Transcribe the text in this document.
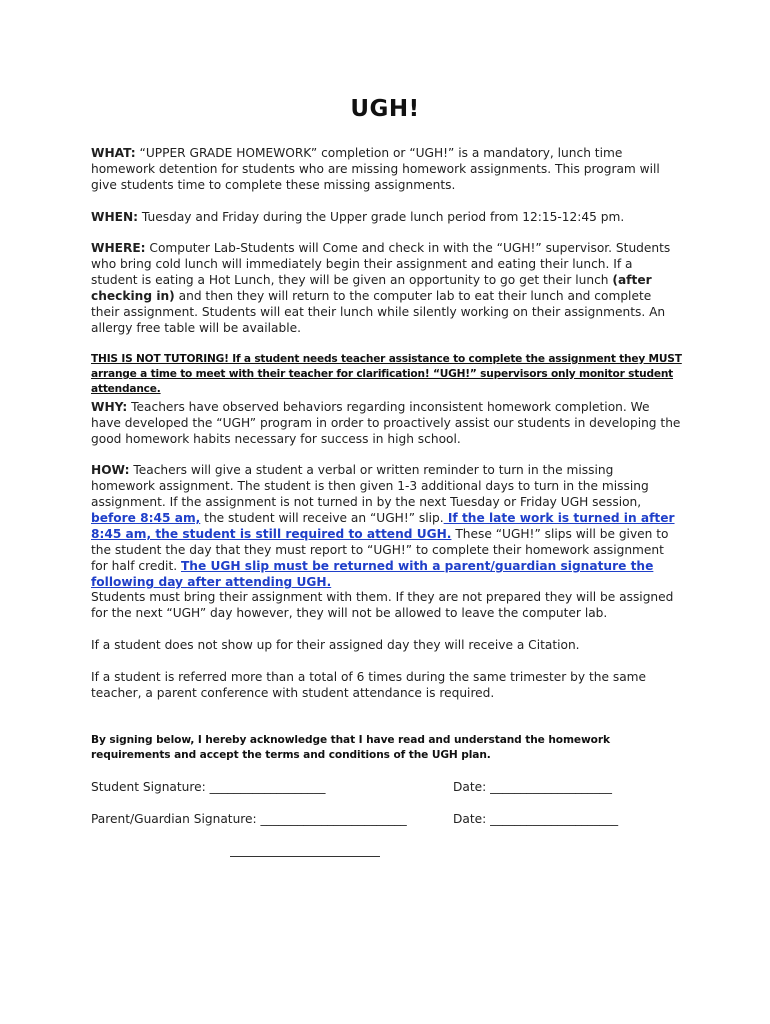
UGH!
WHAT: “UPPER GRADE HOMEWORK” completion or “UGH!” is a mandatory, lunch time homework detention for students who are missing homework assignments. This program will give students time to complete these missing assignments.
WHEN: Tuesday and Friday during the Upper grade lunch period from 12:15-12:45 pm.
WHERE: Computer Lab-Students will Come and check in with the “UGH!” supervisor. Students who bring cold lunch will immediately begin their assignment and eating their lunch. If a student is eating a Hot Lunch, they will be given an opportunity to go get their lunch (after checking in) and then they will return to the computer lab to eat their lunch and complete their assignment. Students will eat their lunch while silently working on their assignments. An allergy free table will be available.
THIS IS NOT TUTORING! If a student needs teacher assistance to complete the assignment they MUST arrange a time to meet with their teacher for clarification! “UGH!” supervisors only monitor student attendance.
WHY: Teachers have observed behaviors regarding inconsistent homework completion. We have developed the “UGH” program in order to proactively assist our students in developing the good homework habits necessary for success in high school.
HOW: Teachers will give a student a verbal or written reminder to turn in the missing homework assignment. The student is then given 1-3 additional days to turn in the missing assignment. If the assignment is not turned in by the next Tuesday or Friday UGH session, before 8:45 am, the student will receive an “UGH!” slip. If the late work is turned in after 8:45 am, the student is still required to attend UGH. These “UGH!” slips will be given to the student the day that they must report to “UGH!” to complete their homework assignment for half credit. The UGH slip must be returned with a parent/guardian signature the following day after attending UGH.
Students must bring their assignment with them. If they are not prepared they will be assigned for the next “UGH” day however, they will not be allowed to leave the computer lab.
If a student does not show up for their assigned day they will receive a Citation.
If a student is referred more than a total of 6 times during the same trimester by the same teacher, a parent conference with student attendance is required.
By signing below, I hereby acknowledge that I have read and understand the homework requirements and accept the terms and conditions of the UGH plan.
Student Signature: ___________________	Date: ____________________
Parent/Guardian Signature: ________________________	Date: _____________________
